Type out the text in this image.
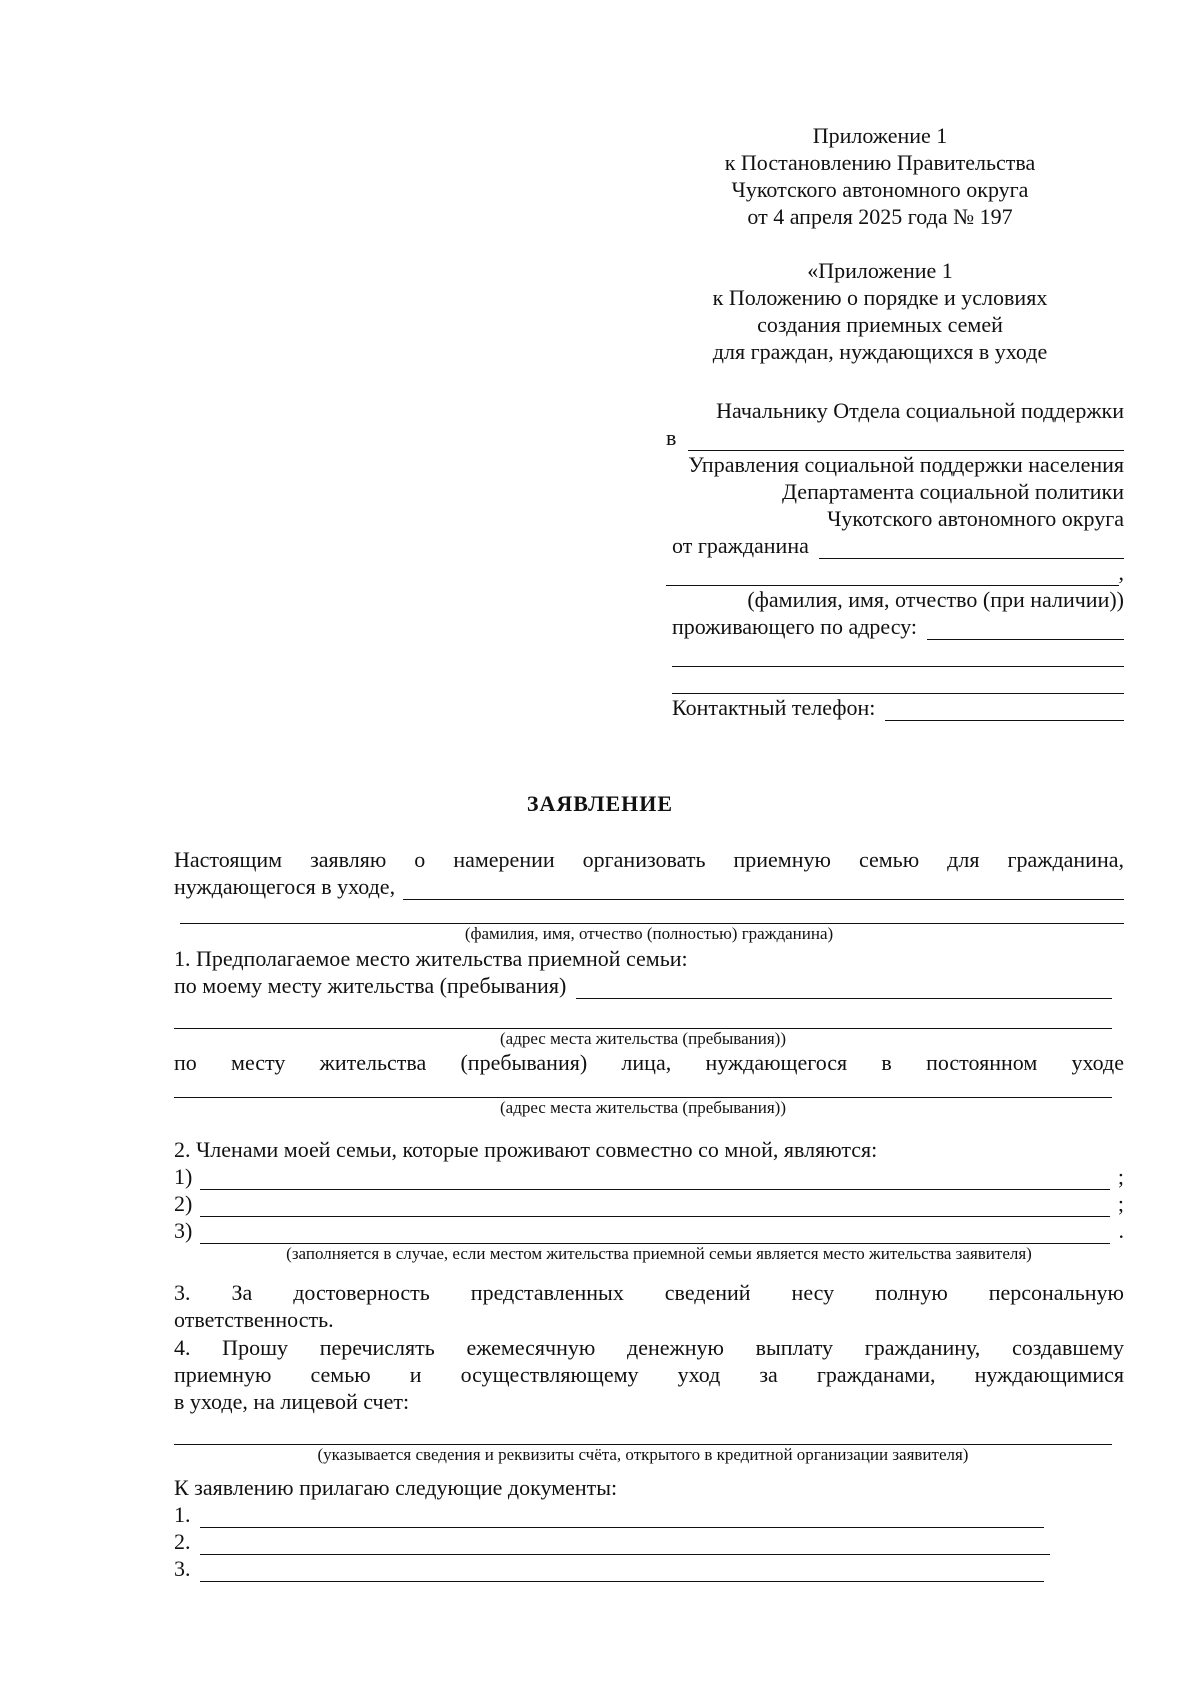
Приложение 1
к Постановлению Правительства
Чукотского автономного округа
от 4 апреля 2025 года № 197
«Приложение 1
к Положению о порядке и условиях
создания приемных семей
для граждан, нуждающихся в уходе
Начальнику Отдела социальной поддержки
в
Управления социальной поддержки населения
Департамента социальной политики
Чукотского автономного округа
от гражданина
,
(фамилия, имя, отчество (при наличии))
проживающего по адресу:
Контактный телефон:
ЗАЯВЛЕНИЕ
Настоящим заявляю о намерении организовать приемную семью для гражданина,
нуждающегося в уходе,
(фамилия, имя, отчество (полностью) гражданина)
1. Предполагаемое место жительства приемной семьи:
по моему месту жительства (пребывания)
(адрес места жительства (пребывания))
по месту жительства (пребывания) лица, нуждающегося в постоянном уходе
(адрес места жительства (пребывания))
2. Членами моей семьи, которые проживают совместно со мной, являются:
1)	;
2)	;
3)	.
(заполняется в случае, если местом жительства приемной семьи является место жительства заявителя)
3. За достоверность представленных сведений несу полную персональную
ответственность.
4. Прошу перечислять ежемесячную денежную выплату гражданину, создавшему
приемную семью и осуществляющему уход за гражданами, нуждающимися
в уходе, на лицевой счет:
(указывается сведения и реквизиты счёта, открытого в кредитной организации заявителя)
К заявлению прилагаю следующие документы:
1.
2.
3.
